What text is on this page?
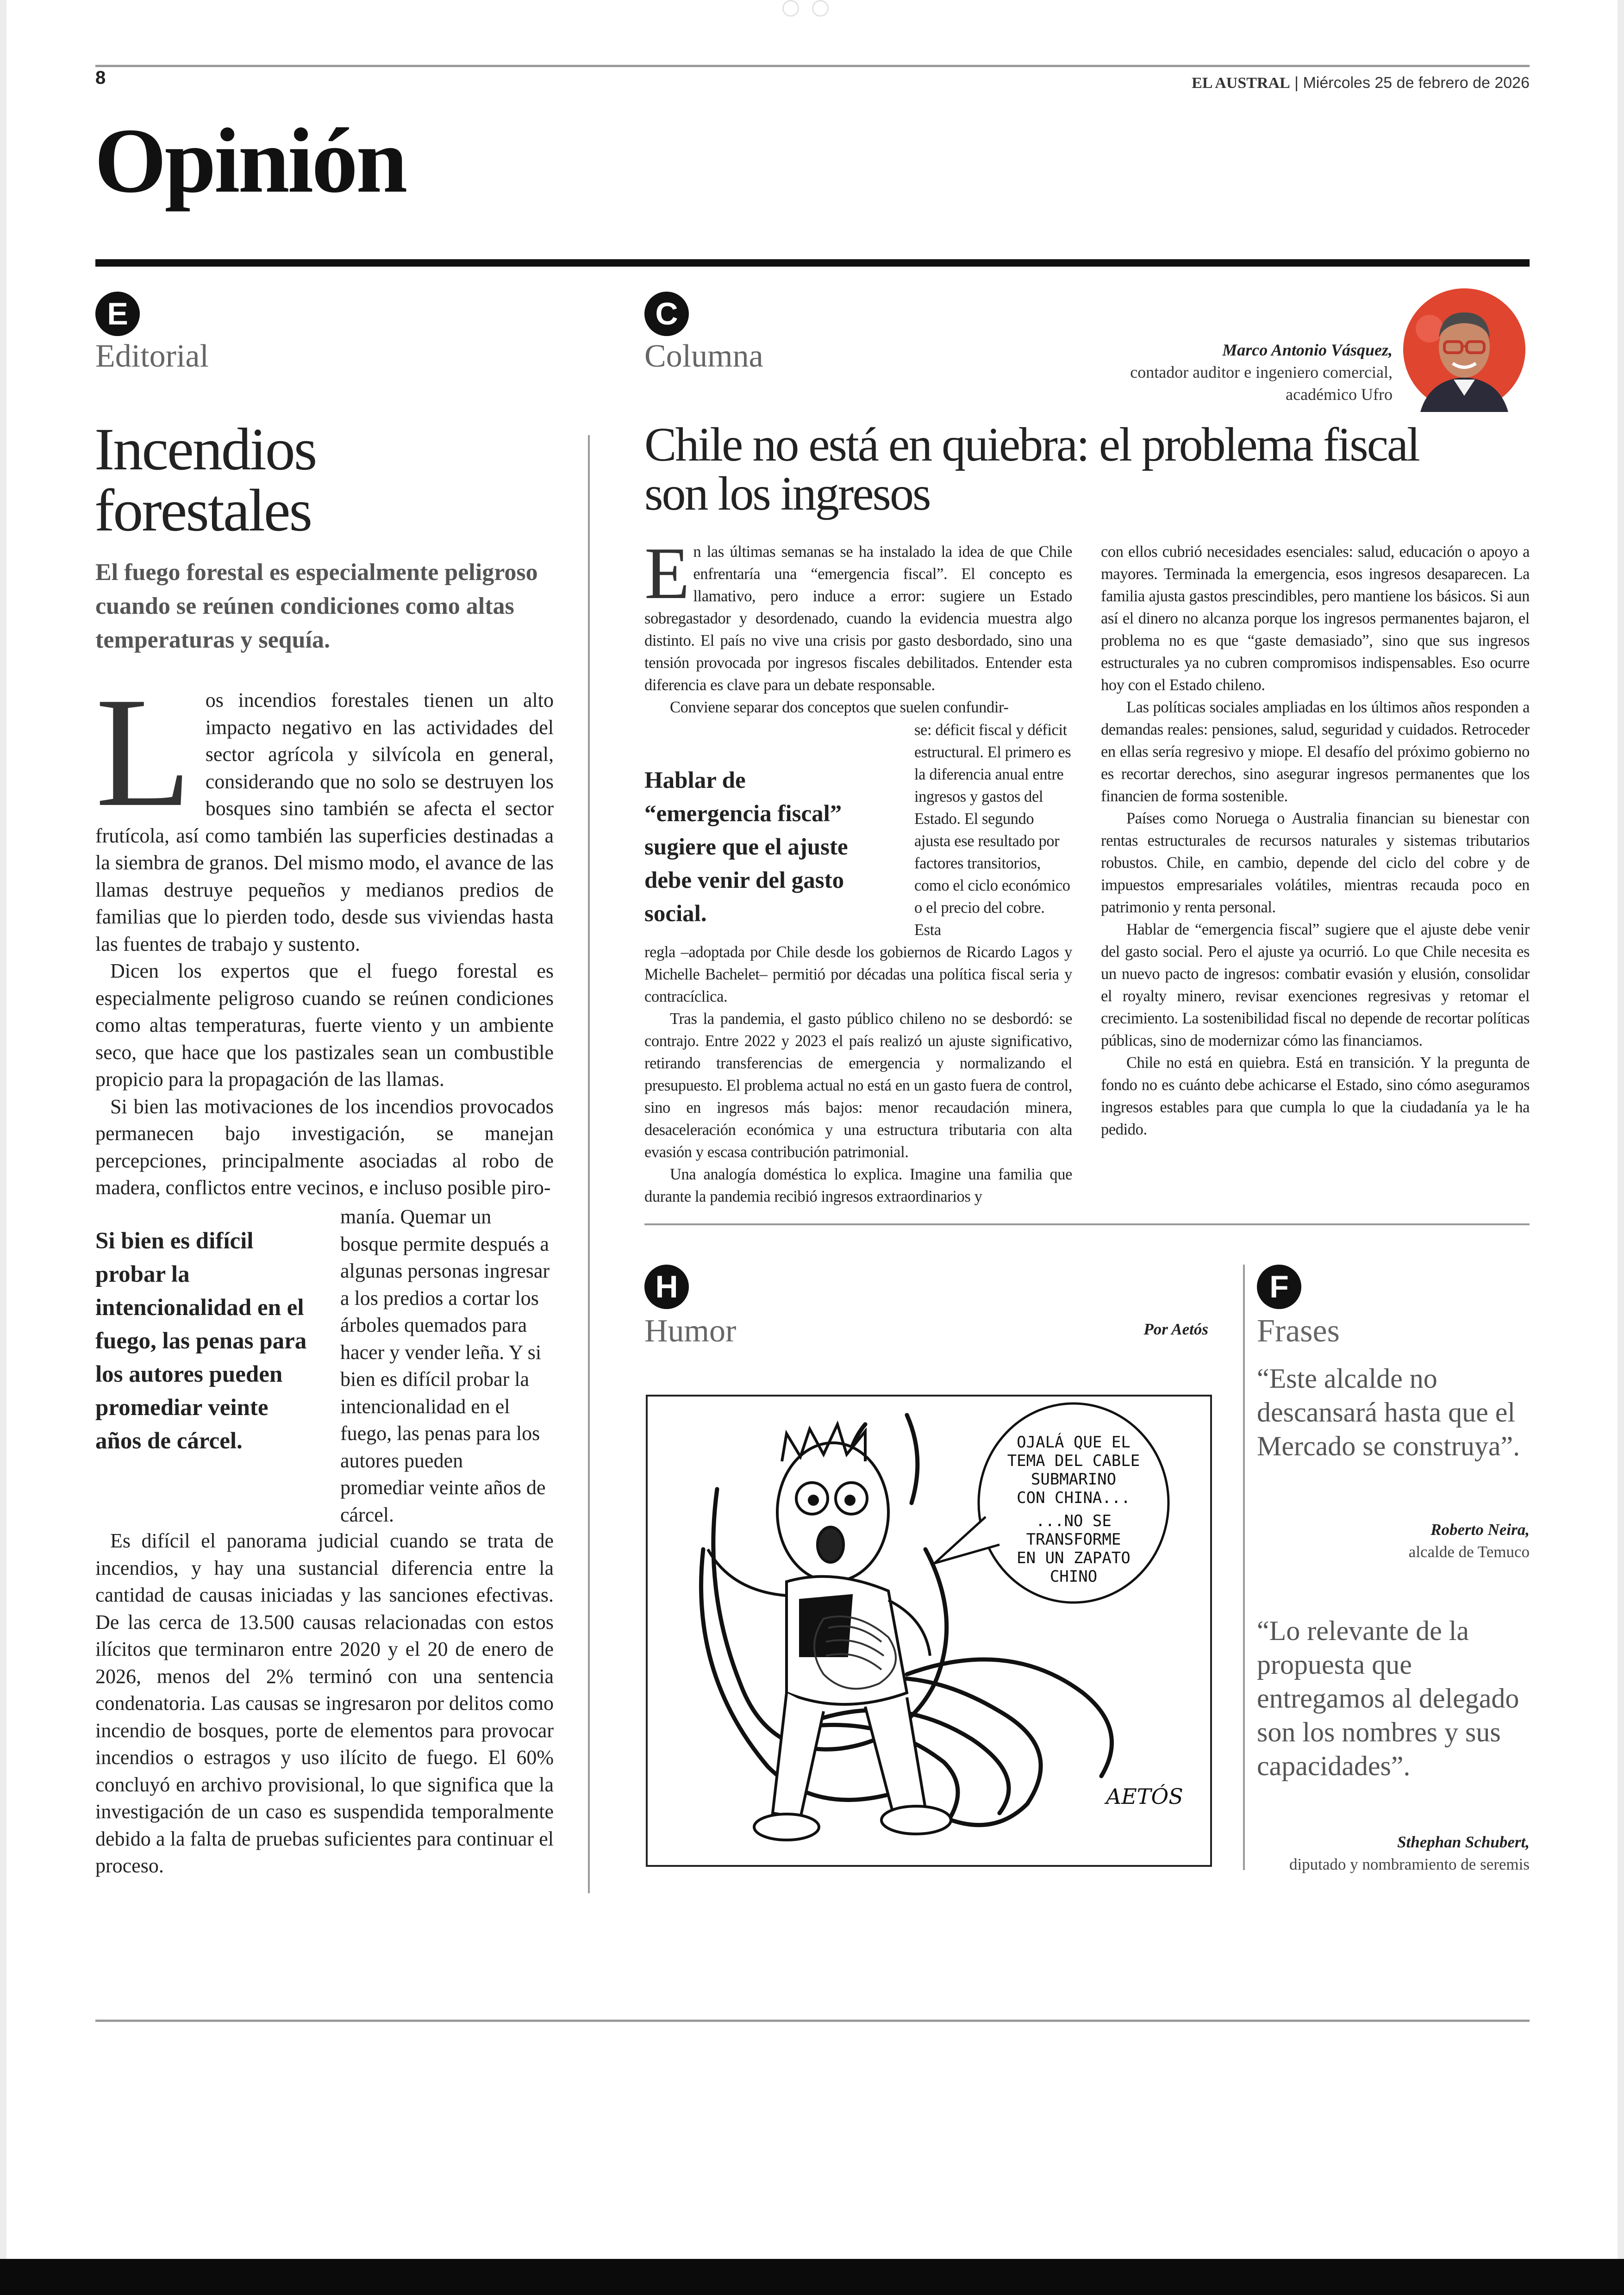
8	EL AUSTRAL | Miércoles 25 de febrero de 2026
Opinión
E
Editorial
Incendios
forestales
El fuego forestal es especialmente peligroso cuando se reúnen condiciones como altas temperaturas y sequía.
L os incendios forestales tienen un alto impacto negativo en las actividades del sector agrícola y silvícola en general, considerando que no solo se destruyen los bosques sino también se afecta el sector frutícola, así como también las superficies destinadas a la siembra de granos. Del mismo modo, el avance de las llamas destruye pequeños y medianos predios de familias que lo pierden todo, desde sus viviendas hasta las fuentes de trabajo y sustento.

Dicen los expertos que el fuego forestal es especialmente peligroso cuando se reúnen condiciones como altas temperaturas, fuerte viento y un ambiente seco, que hace que los pastizales sean un combustible propicio para la propagación de las llamas.

Si bien las motivaciones de los incendios provocados permanecen bajo investigación, se manejan percepciones, principalmente asociadas al robo de madera, conflictos entre vecinos, e incluso posible piro-

Si bien es difícil probar la intencionalidad en el fuego, las penas para los autores pueden promediar veinte años de cárcel.

manía. Quemar un bosque permite después a algunas personas ingresar a los predios a cortar los árboles quemados para hacer y vender leña. Y si bien es difícil probar la intencionalidad en el fuego, las penas para los autores pueden promediar veinte años de cárcel.

Es difícil el panorama judicial cuando se trata de incendios, y hay una sustancial diferencia entre la cantidad de causas iniciadas y las sanciones efectivas. De las cerca de 13.500 causas relacionadas con estos ilícitos que terminaron entre 2020 y el 20 de enero de 2026, menos del 2% terminó con una sentencia condenatoria. Las causas se ingresaron por delitos como incendio de bosques, porte de elementos para provocar incendios o estragos y uso ilícito de fuego. El 60% concluyó en archivo provisional, lo que significa que la investigación de un caso es suspendida temporalmente debido a la falta de pruebas suficientes para continuar el proceso.

C
Columna	Marco Antonio Vásquez,
contador auditor e ingeniero comercial,
académico Ufro
Chile no está en quiebra: el problema fiscal
son los ingresos
E n las últimas semanas se ha instalado la idea de que Chile enfrentaría una “emergencia fiscal”. El concepto es llamativo, pero induce a error: sugiere un Estado sobregastador y desordenado, cuando la evidencia muestra algo distinto. El país no vive una crisis por gasto desbordado, sino una tensión provocada por ingresos fiscales debilitados. Entender esta diferencia es clave para un debate responsable.

Conviene separar dos conceptos que suelen confundir-

Hablar de “emergencia fiscal” sugiere que el ajuste debe venir del gasto social.

se: déficit fiscal y déficit estructural. El primero es la diferencia anual entre ingresos y gastos del Estado. El segundo ajusta ese resultado por factores transitorios, como el ciclo económico o el precio del cobre. Esta

regla –adoptada por Chile desde los gobiernos de Ricardo Lagos y Michelle Bachelet– permitió por décadas una política fiscal seria y contracíclica.

Tras la pandemia, el gasto público chileno no se desbordó: se contrajo. Entre 2022 y 2023 el país realizó un ajuste significativo, retirando transferencias de emergencia y normalizando el presupuesto. El problema actual no está en un gasto fuera de control, sino en ingresos más bajos: menor recaudación minera, desaceleración económica y una estructura tributaria con alta evasión y escasa contribución patrimonial.

Una analogía doméstica lo explica. Imagine una familia que durante la pandemia recibió ingresos extraordinarios y

con ellos cubrió necesidades esenciales: salud, educación o apoyo a mayores. Terminada la emergencia, esos ingresos desaparecen. La familia ajusta gastos prescindibles, pero mantiene los básicos. Si aun así el dinero no alcanza porque los ingresos permanentes bajaron, el problema no es que “gaste demasiado”, sino que sus ingresos estructurales ya no cubren compromisos indispensables. Eso ocurre hoy con el Estado chileno.

Las políticas sociales ampliadas en los últimos años responden a demandas reales: pensiones, salud, seguridad y cuidados. Retroceder en ellas sería regresivo y miope. El desafío del próximo gobierno no es recortar derechos, sino asegurar ingresos permanentes que los financien de forma sostenible.

Países como Noruega o Australia financian su bienestar con rentas estructurales de recursos naturales y sistemas tributarios robustos. Chile, en cambio, depende del ciclo del cobre y de impuestos empresariales volátiles, mientras recauda poco en patrimonio y renta personal.

Hablar de “emergencia fiscal” sugiere que el ajuste debe venir del gasto social. Pero el ajuste ya ocurrió. Lo que Chile necesita es un nuevo pacto de ingresos: combatir evasión y elusión, consolidar el royalty minero, revisar exenciones regresivas y retomar el crecimiento. La sostenibilidad fiscal no depende de recortar políticas públicas, sino de modernizar cómo las financiamos.

Chile no está en quiebra. Está en transición. Y la pregunta de fondo no es cuánto debe achicarse el Estado, sino cómo aseguramos ingresos estables para que cumpla lo que la ciudadanía ya le ha pedido.

H
Humor	Por Aetós
OJALÁ QUE EL
TEMA DEL CABLE
SUBMARINO
CON CHINA...
...NO SE
TRANSFORME
EN UN ZAPATO
CHINO
AETÓS
F
Frases
“Este alcalde no descansará hasta que el Mercado se construya”.
Roberto Neira,
alcalde de Temuco
“Lo relevante de la propuesta que entregamos al delegado son los nombres y sus capacidades”.
Sthephan Schubert,
diputado y nombramiento de seremis
